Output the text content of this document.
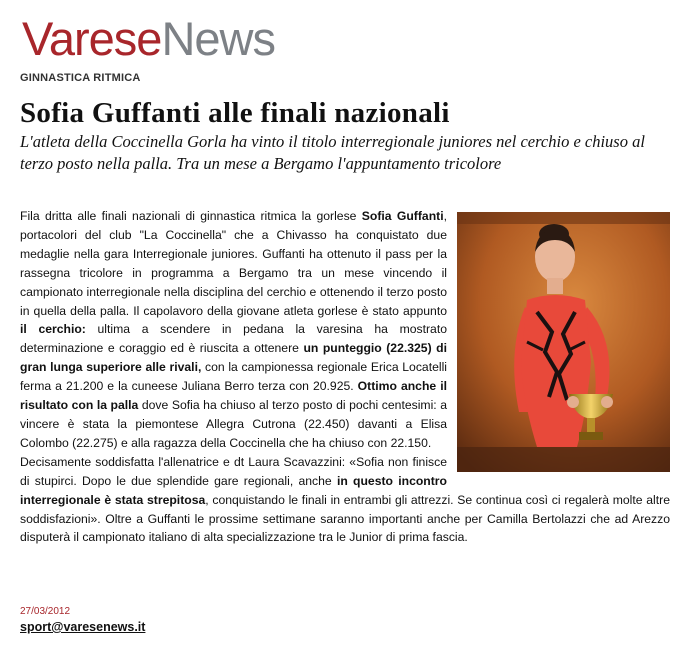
VareseNews
GINNASTICA RITMICA
Sofia Guffanti alle finali nazionali
L'atleta della Coccinella Gorla ha vinto il titolo interregionale juniores nel cerchio e chiuso al terzo posto nella palla. Tra un mese a Bergamo l'appuntamento tricolore
Fila dritta alle finali nazionali di ginnastica ritmica la gorlese Sofia Guffanti, portacolori del club "La Coccinella" che a Chivasso ha conquistato due medaglie nella gara Interregionale juniores. Guffanti ha ottenuto il pass per la rassegna tricolore in programma a Bergamo tra un mese vincendo il campionato interregionale nella disciplina del cerchio e ottenendo il terzo posto in quella della palla. Il capolavoro della giovane atleta gorlese è stato appunto il cerchio: ultima a scendere in pedana la varesina ha mostrato determinazione e coraggio ed è riuscita a ottenere un punteggio (22.325) di gran lunga superiore alle rivali, con la campionessa regionale Erica Locatelli ferma a 21.200 e la cuneese Juliana Berro terza con 20.925. Ottimo anche il risultato con la palla dove Sofia ha chiuso al terzo posto di pochi centesimi: a vincere è stata la piemontese Allegra Cutrona (22.450) davanti a Elisa Colombo (22.275) e alla ragazza della Coccinella che ha chiuso con 22.150.
Decisamente soddisfatta l'allenatrice e dt Laura Scavazzini: «Sofia non finisce di stupirci. Dopo le due splendide gare regionali, anche in questo incontro interregionale è stata strepitosa, conquistando le finali in entrambi gli attrezzi. Se continua così ci regalerà molte altre soddisfazioni». Oltre a Guffanti le prossime settimane saranno importanti anche per Camilla Bertolazzi che ad Arezzo disputerà il campionato italiano di alta specializzazione tra le Junior di prima fascia.
27/03/2012
sport@varesenews.it
